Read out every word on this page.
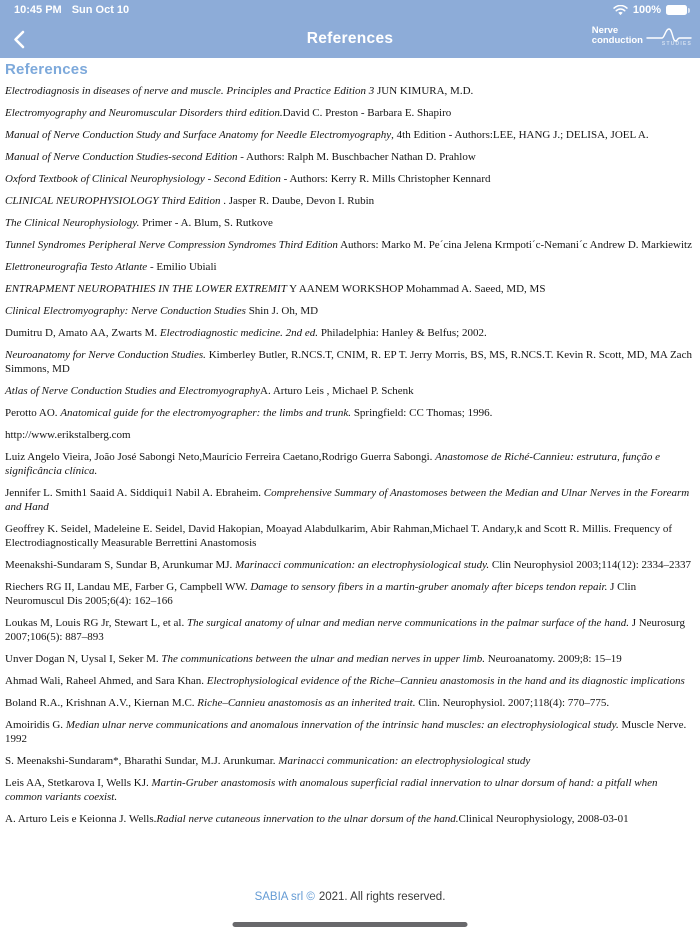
10:45 PM Sun Oct 10	100%
References	Nerve
conduction	STUDIES
References

Electrodiagnosis in diseases of nerve and muscle. Principles and Practice Edition 3 JUN KIMURA, M.D.

Electromyography and Neuromuscular Disorders third edition.David C. Preston - Barbara E. Shapiro

Manual of Nerve Conduction Study and Surface Anatomy for Needle Electromyography, 4th Edition - Authors:LEE, HANG J.; DELISA, JOEL A.

Manual of Nerve Conduction Studies-second Edition - Authors: Ralph M. Buschbacher Nathan D. Prahlow

Oxford Textbook of Clinical Neurophysiology - Second Edition - Authors: Kerry R. Mills Christopher Kennard

CLINICAL NEUROPHYSIOLOGY Third Edition . Jasper R. Daube, Devon I. Rubin

The Clinical Neurophysiology. Primer - A. Blum, S. Rutkove

Tunnel Syndromes Peripheral Nerve Compression Syndromes Third Edition Authors: Marko M. Pe´cina Jelena Krmpoti´c-Nemani´c Andrew D. Markiewitz

Elettroneurografia Testo Atlante - Emilio Ubiali

ENTRAPMENT NEUROPATHIES IN THE LOWER EXTREMIT Y AANEM WORKSHOP Mohammad A. Saeed, MD, MS

Clinical Electromyography: Nerve Conduction Studies Shin J. Oh, MD

Dumitru D, Amato AA, Zwarts M. Electrodiagnostic medicine. 2nd ed. Philadelphia: Hanley & Belfus; 2002.

Neuroanatomy for Nerve Conduction Studies. Kimberley Butler, R.NCS.T, CNIM, R. EP T. Jerry Morris, BS, MS, R.NCS.T. Kevin R. Scott, MD, MA Zach Simmons, MD

Atlas of Nerve Conduction Studies and ElectromyographyA. Arturo Leis , Michael P. Schenk

Perotto AO. Anatomical guide for the electromyographer: the limbs and trunk. Springfield: CC Thomas; 1996.

http://www.erikstalberg.com

Luiz Angelo Vieira, João José Sabongi Neto,Maurício Ferreira Caetano,Rodrigo Guerra Sabongi. Anastomose de Riché-Cannieu: estrutura, função e significância clínica.

Jennifer L. Smith1 Saaid A. Siddiqui1 Nabil A. Ebraheim. Comprehensive Summary of Anastomoses between the Median and Ulnar Nerves in the Forearm and Hand

Geoffrey K. Seidel, Madeleine E. Seidel, David Hakopian, Moayad Alabdulkarim, Abir Rahman,Michael T. Andary,k and Scott R. Millis. Frequency of Electrodiagnostically Measurable Berrettini Anastomosis

Meenakshi-Sundaram S, Sundar B, Arunkumar MJ. Marinacci communication: an electrophysiological study. Clin Neurophysiol 2003;114(12): 2334–2337

Riechers RG II, Landau ME, Farber G, Campbell WW. Damage to sensory fibers in a martin-gruber anomaly after biceps tendon repair. J Clin Neuromuscul Dis 2005;6(4): 162–166

Loukas M, Louis RG Jr, Stewart L, et al. The surgical anatomy of ulnar and median nerve communications in the palmar surface of the hand. J Neurosurg 2007;106(5): 887–893

Unver Dogan N, Uysal I, Seker M. The communications between the ulnar and median nerves in upper limb. Neuroanatomy. 2009;8: 15–19

Ahmad Wali, Raheel Ahmed, and Sara Khan. Electrophysiological evidence of the Riche–Cannieu anastomosis in the hand and its diagnostic implications

Boland R.A., Krishnan A.V., Kiernan M.C. Riche–Cannieu anastomosis as an inherited trait. Clin. Neurophysiol. 2007;118(4): 770–775.

Amoiridis G. Median ulnar nerve communications and anomalous innervation of the intrinsic hand muscles: an electrophysiological study. Muscle Nerve. 1992

S. Meenakshi-Sundaram*, Bharathi Sundar, M.J. Arunkumar. Marinacci communication: an electrophysiological study

Leis AA, Stetkarova I, Wells KJ. Martin-Gruber anastomosis with anomalous superficial radial innervation to ulnar dorsum of hand: a pitfall when common variants coexist.

A. Arturo Leis e Keionna J. Wells.Radial nerve cutaneous innervation to the ulnar dorsum of the hand.Clinical Neurophysiology, 2008-03-01

SABIA srl © 2021. All rights reserved.
